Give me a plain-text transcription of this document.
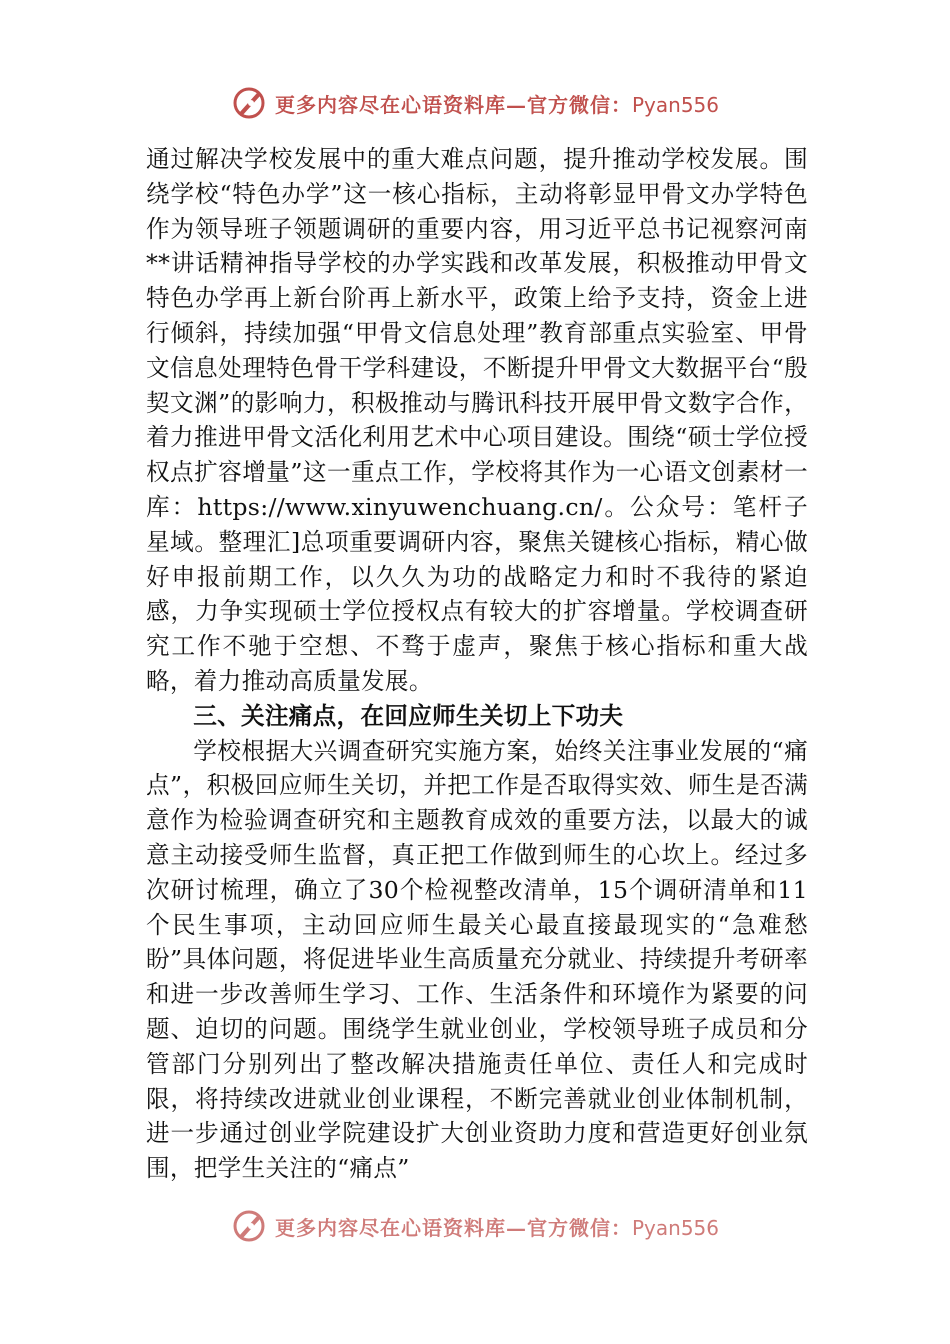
更多内容尽在心语资料库—官方微信：Pyan556

通过解决学校发展中的重大难点问题，提升推动学校发展。围绕学校“特色办学”这一核心指标，主动将彰显甲骨文办学特色作为领导班子领题调研的重要内容，用习近平总书记视察河南**讲话精神指导学校的办学实践和改革发展，积极推动甲骨文特色办学再上新台阶再上新水平，政策上给予支持，资金上进行倾斜，持续加强“甲骨文信息处理”教育部重点实验室、甲骨文信息处理特色骨干学科建设，不断提升甲骨文大数据平台“殷契文渊”的影响力，积极推动与腾讯科技开展甲骨文数字合作，着力推进甲骨文活化利用艺术中心项目建设。围绕“硕士学位授权点扩容增量”这一重点工作，学校将其作为一心语文创素材一库：https://www.xinyuwenchuang.cn/。公众号：笔杆子星域。整理汇]总项重要调研内容，聚焦关键核心指标，精心做好申报前期工作，以久久为功的战略定力和时不我待的紧迫感，力争实现硕士学位授权点有较大的扩容增量。学校调查研究工作不驰于空想、不骛于虚声，聚焦于核心指标和重大战略，着力推动高质量发展。

三、关注痛点，在回应师生关切上下功夫

学校根据大兴调查研究实施方案，始终关注事业发展的“痛点”，积极回应师生关切，并把工作是否取得实效、师生是否满意作为检验调查研究和主题教育成效的重要方法，以最大的诚意主动接受师生监督，真正把工作做到师生的心坎上。经过多次研讨梳理，确立了30个检视整改清单，15个调研清单和11个民生事项，主动回应师生最关心最直接最现实的“急难愁盼”具体问题，将促进毕业生高质量充分就业、持续提升考研率和进一步改善师生学习、工作、生活条件和环境作为紧要的问题、迫切的问题。围绕学生就业创业，学校领导班子成员和分管部门分别列出了整改解决措施责任单位、责任人和完成时限，将持续改进就业创业课程，不断完善就业创业体制机制，进一步通过创业学院建设扩大创业资助力度和营造更好创业氛围，把学生关注的“痛点”

更多内容尽在心语资料库—官方微信：Pyan556
